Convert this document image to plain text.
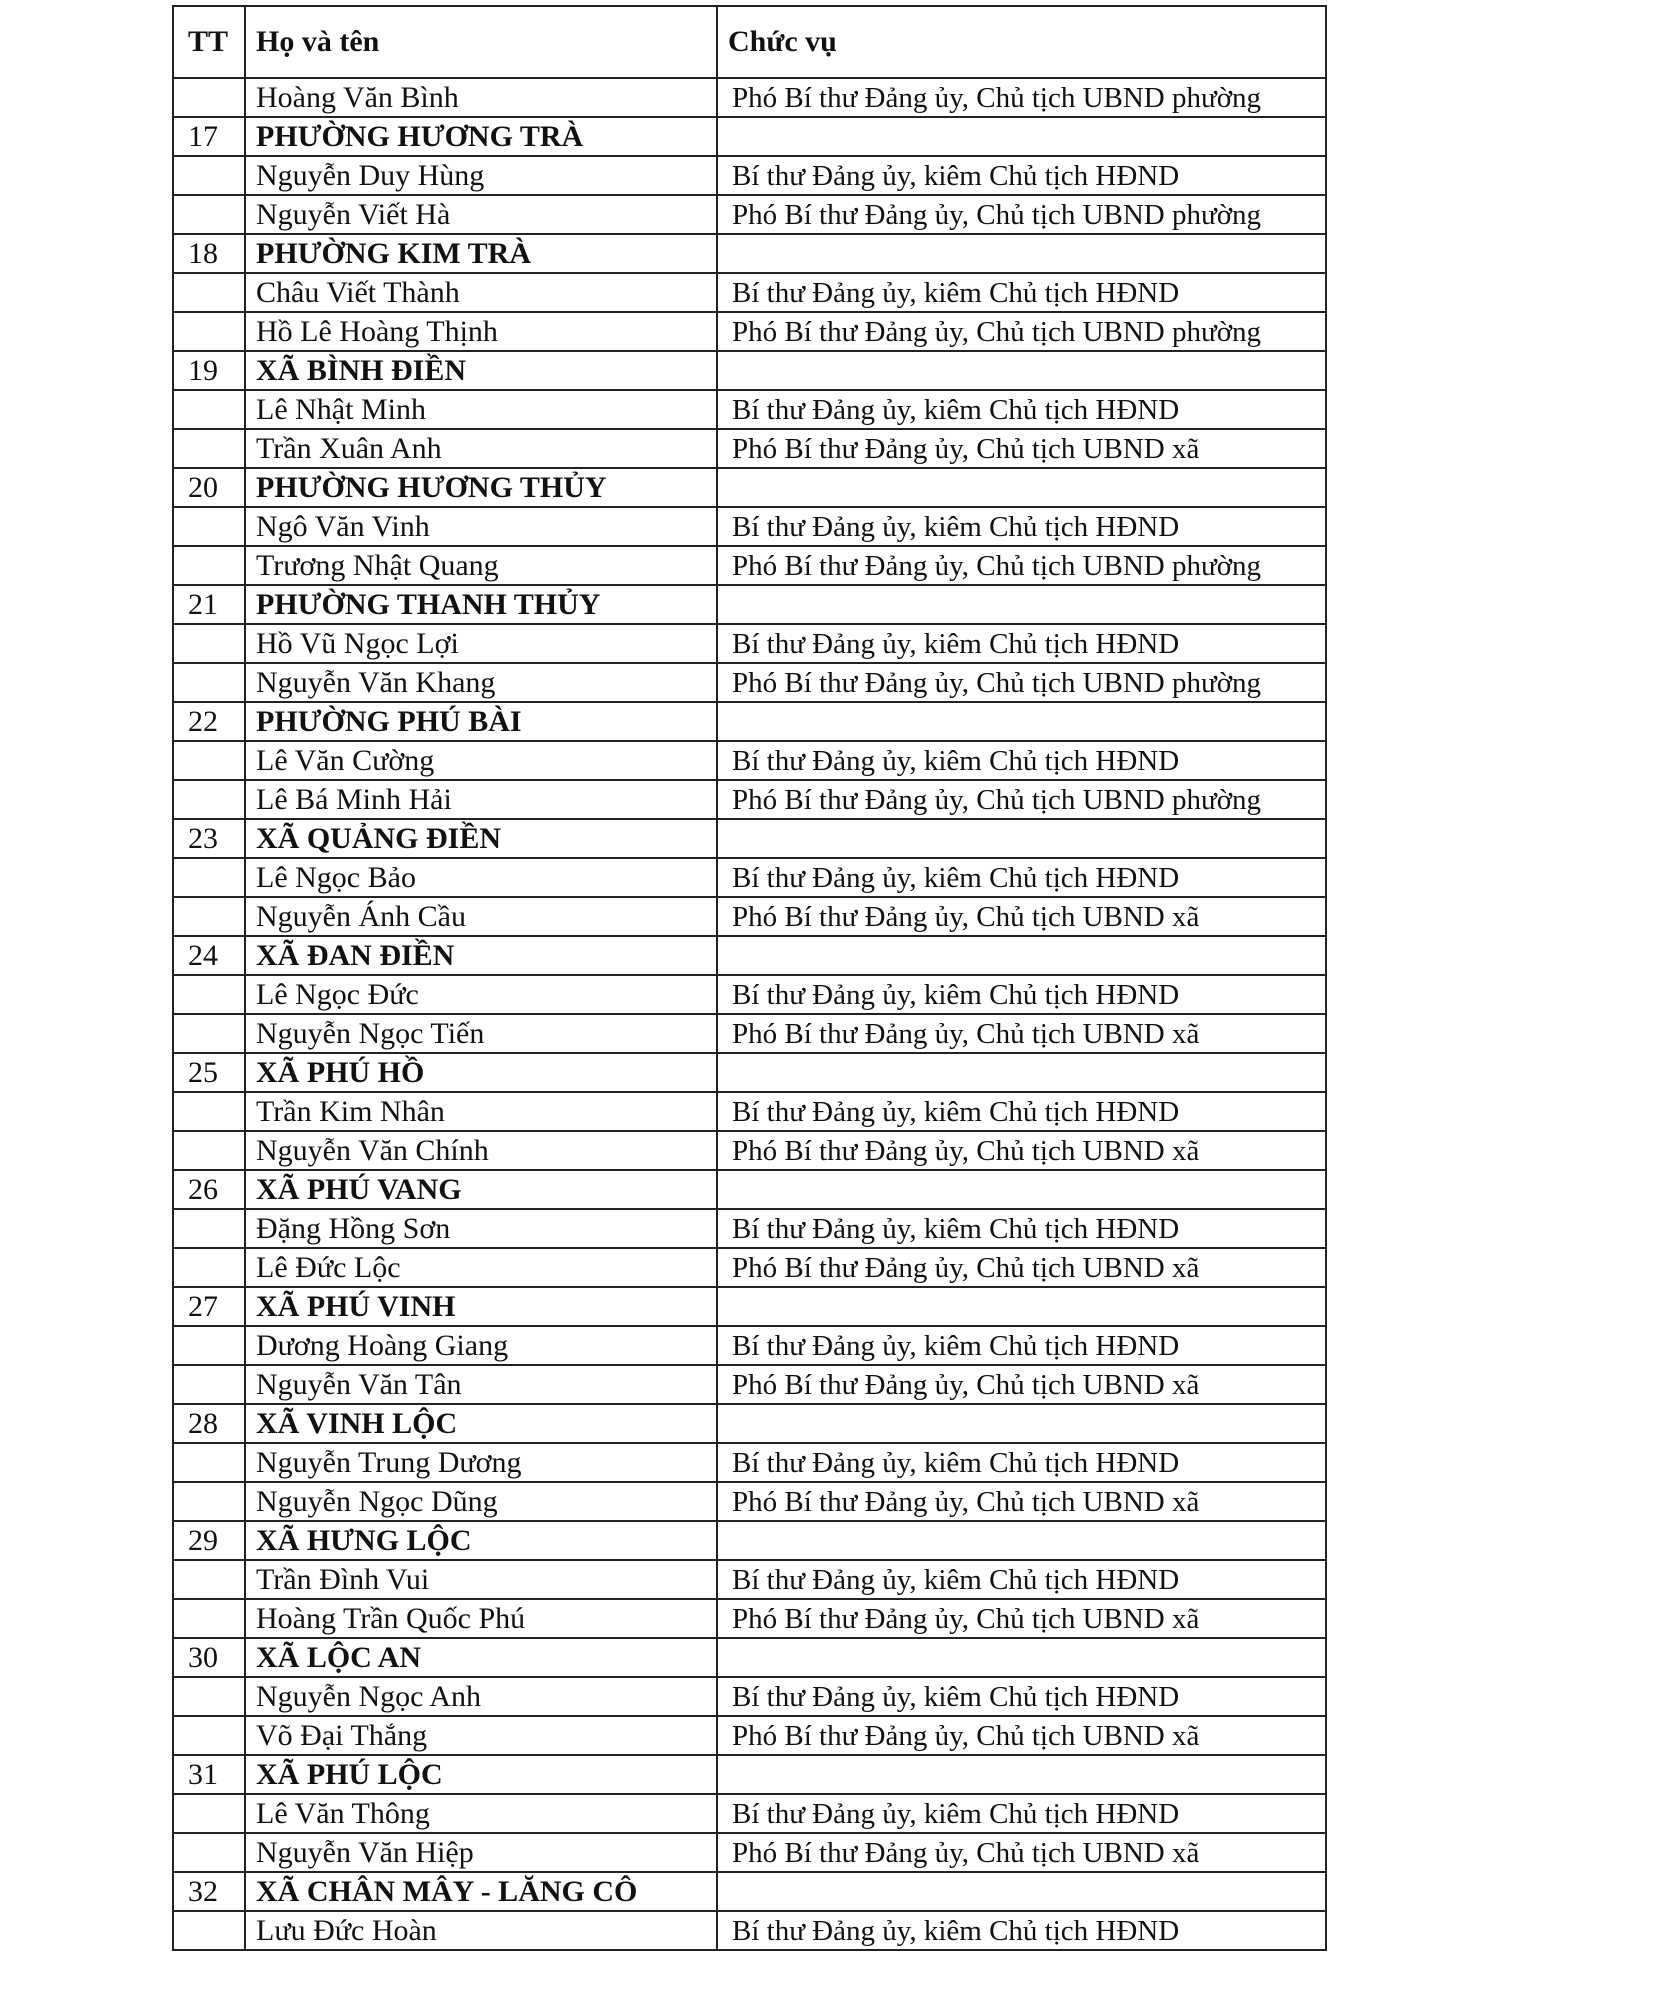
TT	Họ và tên	Chức vụ
	Hoàng Văn Bình	Phó Bí thư Đảng ủy, Chủ tịch UBND phường
17	PHƯỜNG HƯƠNG TRÀ	
	Nguyễn Duy Hùng	Bí thư Đảng ủy, kiêm Chủ tịch HĐND
	Nguyễn Viết Hà	Phó Bí thư Đảng ủy, Chủ tịch UBND phường
18	PHƯỜNG KIM TRÀ	
	Châu Viết Thành	Bí thư Đảng ủy, kiêm Chủ tịch HĐND
	Hồ Lê Hoàng Thịnh	Phó Bí thư Đảng ủy, Chủ tịch UBND phường
19	XÃ BÌNH ĐIỀN	
	Lê Nhật Minh	Bí thư Đảng ủy, kiêm Chủ tịch HĐND
	Trần Xuân Anh	Phó Bí thư Đảng ủy, Chủ tịch UBND xã
20	PHƯỜNG HƯƠNG THỦY	
	Ngô Văn Vinh	Bí thư Đảng ủy, kiêm Chủ tịch HĐND
	Trương Nhật Quang	Phó Bí thư Đảng ủy, Chủ tịch UBND phường
21	PHƯỜNG THANH THỦY	
	Hồ Vũ Ngọc Lợi	Bí thư Đảng ủy, kiêm Chủ tịch HĐND
	Nguyễn Văn Khang	Phó Bí thư Đảng ủy, Chủ tịch UBND phường
22	PHƯỜNG PHÚ BÀI	
	Lê Văn Cường	Bí thư Đảng ủy, kiêm Chủ tịch HĐND
	Lê Bá Minh Hải	Phó Bí thư Đảng ủy, Chủ tịch UBND phường
23	XÃ QUẢNG ĐIỀN	
	Lê Ngọc Bảo	Bí thư Đảng ủy, kiêm Chủ tịch HĐND
	Nguyễn Ánh Cầu	Phó Bí thư Đảng ủy, Chủ tịch UBND xã
24	XÃ ĐAN ĐIỀN	
	Lê Ngọc Đức	Bí thư Đảng ủy, kiêm Chủ tịch HĐND
	Nguyễn Ngọc Tiến	Phó Bí thư Đảng ủy, Chủ tịch UBND xã
25	XÃ PHÚ HỒ	
	Trần Kim Nhân	Bí thư Đảng ủy, kiêm Chủ tịch HĐND
	Nguyễn Văn Chính	Phó Bí thư Đảng ủy, Chủ tịch UBND xã
26	XÃ PHÚ VANG	
	Đặng Hồng Sơn	Bí thư Đảng ủy, kiêm Chủ tịch HĐND
	Lê Đức Lộc	Phó Bí thư Đảng ủy, Chủ tịch UBND xã
27	XÃ PHÚ VINH	
	Dương Hoàng Giang	Bí thư Đảng ủy, kiêm Chủ tịch HĐND
	Nguyễn Văn Tân	Phó Bí thư Đảng ủy, Chủ tịch UBND xã
28	XÃ VINH LỘC	
	Nguyễn Trung Dương	Bí thư Đảng ủy, kiêm Chủ tịch HĐND
	Nguyễn Ngọc Dũng	Phó Bí thư Đảng ủy, Chủ tịch UBND xã
29	XÃ HƯNG LỘC	
	Trần Đình Vui	Bí thư Đảng ủy, kiêm Chủ tịch HĐND
	Hoàng Trần Quốc Phú	Phó Bí thư Đảng ủy, Chủ tịch UBND xã
30	XÃ LỘC AN	
	Nguyễn Ngọc Anh	Bí thư Đảng ủy, kiêm Chủ tịch HĐND
	Võ Đại Thắng	Phó Bí thư Đảng ủy, Chủ tịch UBND xã
31	XÃ PHÚ LỘC	
	Lê Văn Thông	Bí thư Đảng ủy, kiêm Chủ tịch HĐND
	Nguyễn Văn Hiệp	Phó Bí thư Đảng ủy, Chủ tịch UBND xã
32	XÃ CHÂN MÂY - LĂNG CÔ	
	Lưu Đức Hoàn	Bí thư Đảng ủy, kiêm Chủ tịch HĐND
